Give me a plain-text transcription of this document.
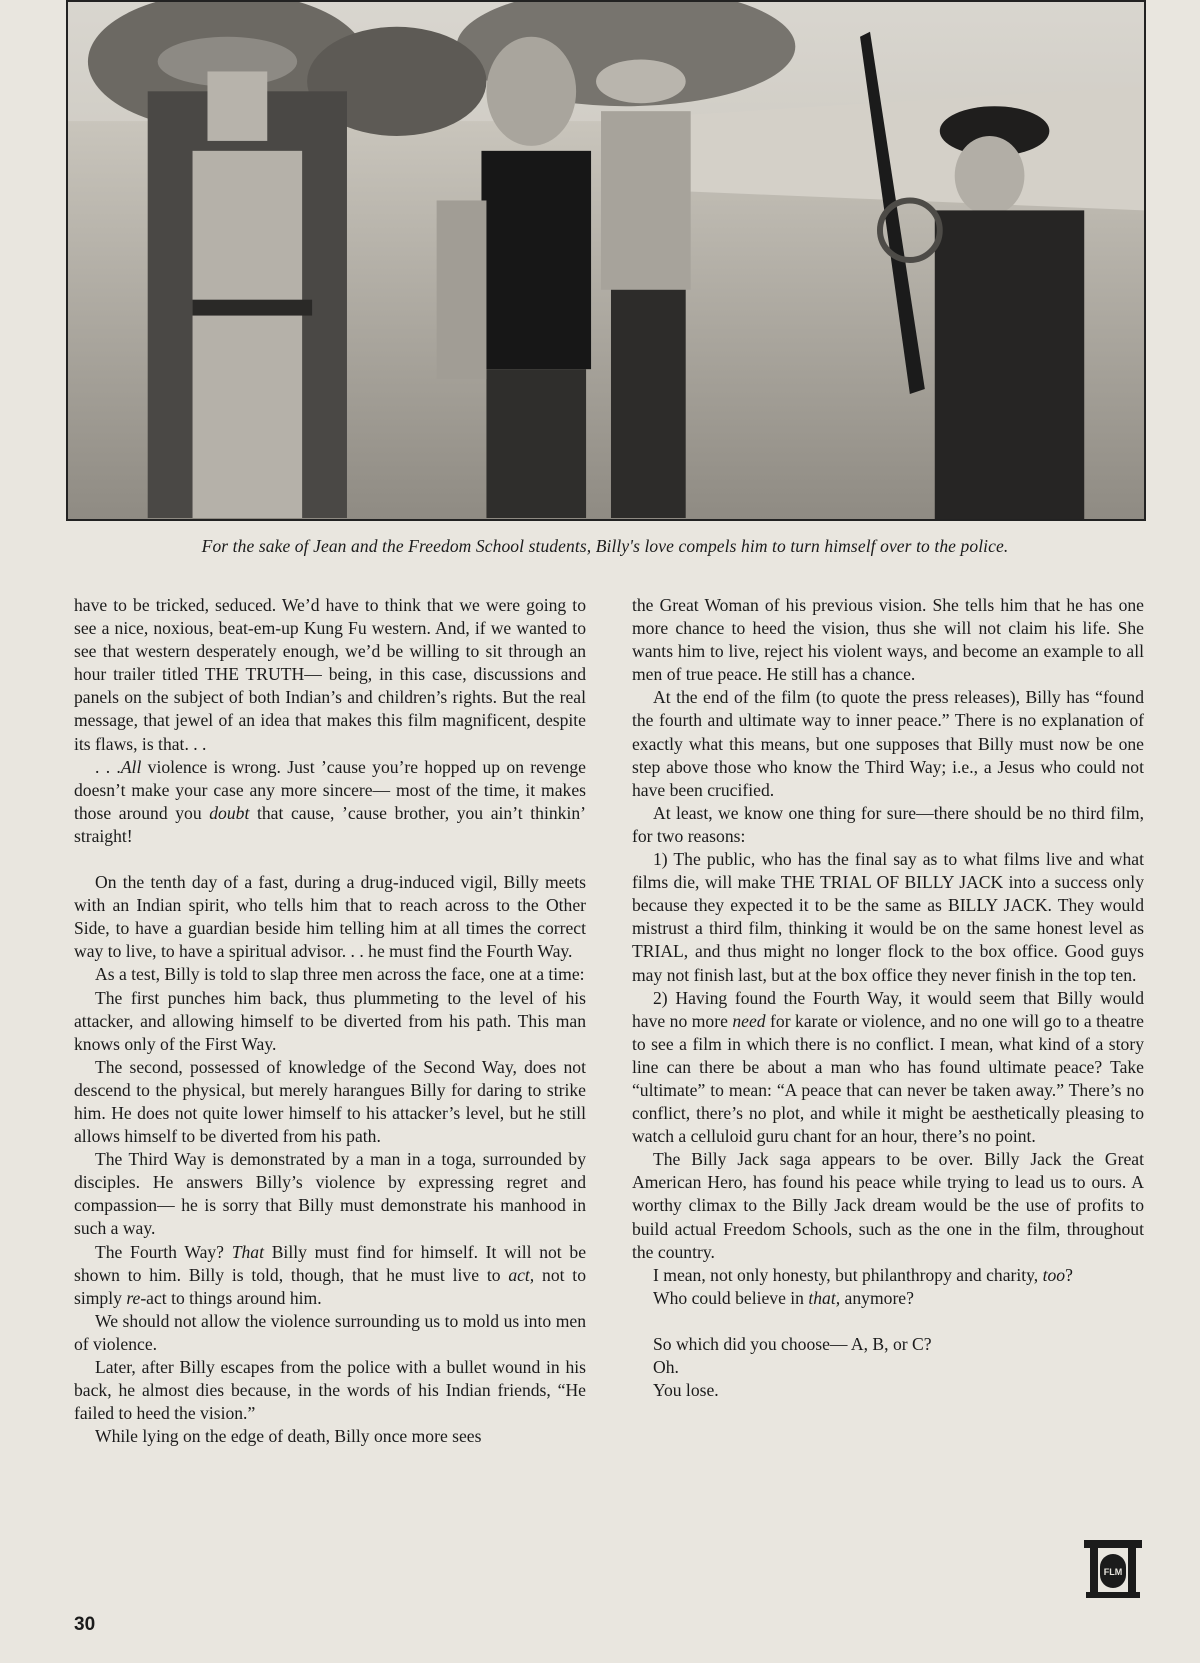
For the sake of Jean and the Freedom School students, Billy's love compels him to turn himself over to the police.

have to be tricked, seduced. We’d have to think that we were going to see a nice, noxious, beat-em-up Kung Fu western. And, if we wanted to see that western desperately enough, we’d be willing to sit through an hour trailer titled THE TRUTH— being, in this case, discussions and panels on the subject of both Indian’s and children’s rights. But the real message, that jewel of an idea that makes this film magnificent, despite its flaws, is that. . .

. . .All violence is wrong. Just ’cause you’re hopped up on revenge doesn’t make your case any more sincere— most of the time, it makes those around you doubt that cause, ’cause brother, you ain’t thinkin’ straight!

On the tenth day of a fast, during a drug-induced vigil, Billy meets with an Indian spirit, who tells him that to reach across to the Other Side, to have a guardian beside him telling him at all times the correct way to live, to have a spiritual advisor. . . he must find the Fourth Way.

As a test, Billy is told to slap three men across the face, one at a time:

The first punches him back, thus plummeting to the level of his attacker, and allowing himself to be diverted from his path. This man knows only of the First Way.

The second, possessed of knowledge of the Second Way, does not descend to the physical, but merely harangues Billy for daring to strike him. He does not quite lower himself to his attacker’s level, but he still allows himself to be diverted from his path.

The Third Way is demonstrated by a man in a toga, surrounded by disciples. He answers Billy’s violence by expressing regret and compassion— he is sorry that Billy must demonstrate his manhood in such a way.

The Fourth Way? That Billy must find for himself. It will not be shown to him. Billy is told, though, that he must live to act, not to simply re-act to things around him.

We should not allow the violence surrounding us to mold us into men of violence.

Later, after Billy escapes from the police with a bullet wound in his back, he almost dies because, in the words of his Indian friends, “He failed to heed the vision.”

While lying on the edge of death, Billy once more sees

the Great Woman of his previous vision. She tells him that he has one more chance to heed the vision, thus she will not claim his life. She wants him to live, reject his violent ways, and become an example to all men of true peace. He still has a chance.

At the end of the film (to quote the press releases), Billy has “found the fourth and ultimate way to inner peace.” There is no explanation of exactly what this means, but one supposes that Billy must now be one step above those who know the Third Way; i.e., a Jesus who could not have been crucified.

At least, we know one thing for sure—there should be no third film, for two reasons:

1) The public, who has the final say as to what films live and what films die, will make THE TRIAL OF BILLY JACK into a success only because they expected it to be the same as BILLY JACK. They would mistrust a third film, thinking it would be on the same honest level as TRIAL, and thus might no longer flock to the box office. Good guys may not finish last, but at the box office they never finish in the top ten.

2) Having found the Fourth Way, it would seem that Billy would have no more need for karate or violence, and no one will go to a theatre to see a film in which there is no conflict. I mean, what kind of a story line can there be about a man who has found ultimate peace? Take “ultimate” to mean: “A peace that can never be taken away.” There’s no conflict, there’s no plot, and while it might be aesthetically pleasing to watch a celluloid guru chant for an hour, there’s no point.

The Billy Jack saga appears to be over. Billy Jack the Great American Hero, has found his peace while trying to lead us to ours. A worthy climax to the Billy Jack dream would be the use of profits to build actual Freedom Schools, such as the one in the film, throughout the country.

I mean, not only honesty, but philanthropy and charity, too?

Who could believe in that, anymore?

So which did you choose— A, B, or C?

Oh.

You lose.

30
FLM
